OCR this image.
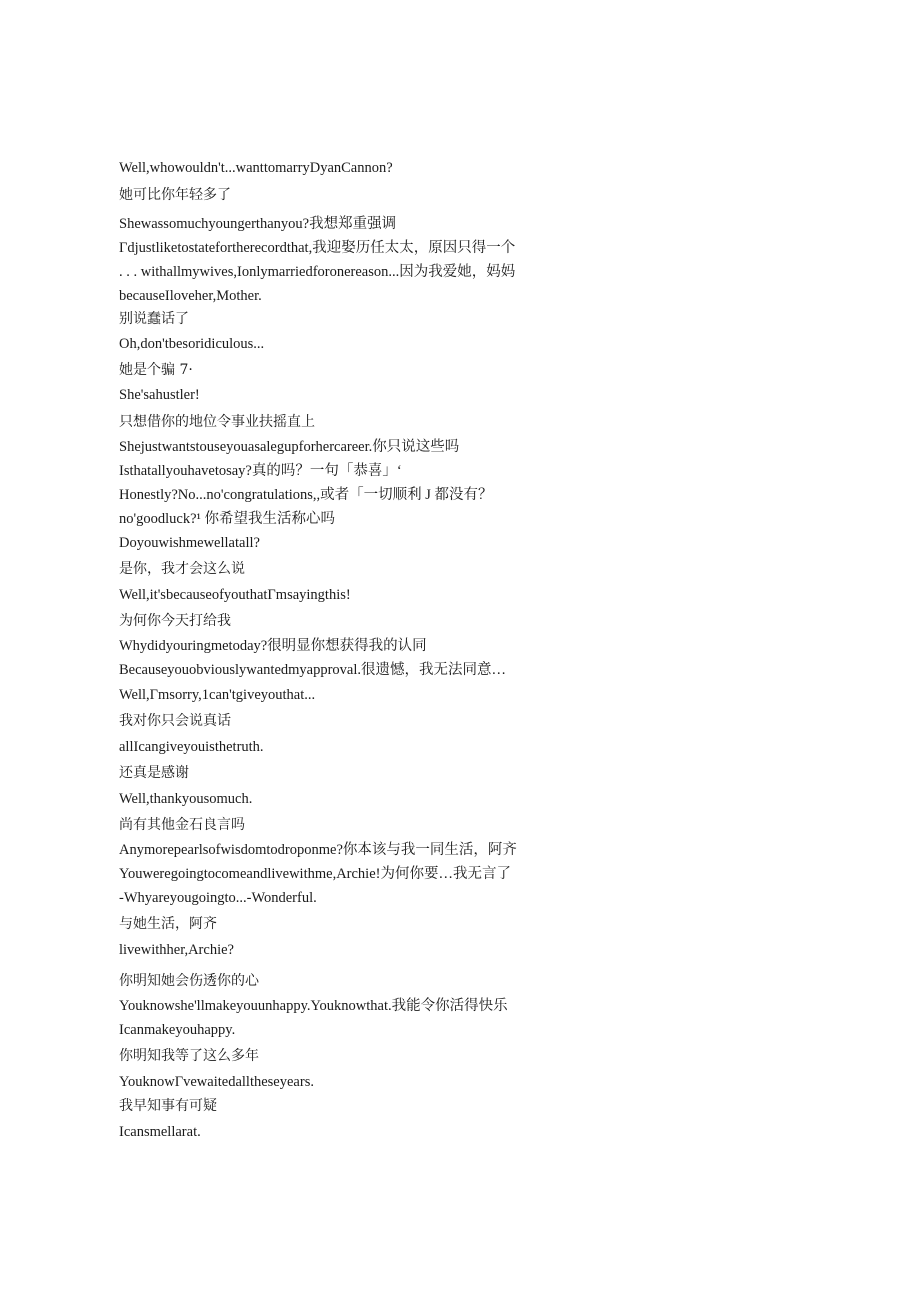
Well,whowouldn't...wanttomarryDyanCannon?
她可比你年轻多了
Shewassomuchyoungerthanyou?我想郑重强调
Γdjustliketostatefortherecordthat,我迎娶历任太太，原因只得一个
. . . withallmywives,Ionlymarriedforonereason...因为我爱她，妈妈
becauseIloveher,Mother.
别说蠢话了
Oh,don'tbesoridiculous...
她是个骗 7·
She'sahustler!
只想借你的地位令事业扶摇直上
Shejustwantstouseyouasalegupforhercareer.你只说这些吗
Isthatallyouhavetosay?真的吗？一句「恭喜」‘
Honestly?No...no'congratulations,,或者「一切顺利 J 都没有？
no'goodluck?¹ 你希望我生活称心吗
Doyouwishmewellatall?
是你，我才会这么说
Well,it'sbecauseofyouthatΓmsayingthis!
为何你今天打给我
Whydidyouringmetoday?很明显你想获得我的认同
Becauseyouobviouslywantedmyapproval.很遗憾，我无法同意…
Well,Γmsorry,1can'tgiveyouthat...
我对你只会说真话
allIcangiveyouisthetruth.
还真是感谢
Well,thankyousomuch.
尚有其他金石良言吗
Anymorepearlsofwisdomtodroponme?你本该与我一同生活，阿齐
Youweregoingtocomeandlivewithme,Archie!为何你要…我无言了
-Whyareyougoingto...-Wonderful.
与她生活，阿齐
livewithher,Archie?
你明知她会伤透你的心
Youknowshe'llmakeyouunhappy.Youknowthat.我能令你活得快乐
Icanmakeyouhappy.
你明知我等了这么多年
YouknowΓvewaitedalltheseyears.
我早知事有可疑
Icansmellarat.
